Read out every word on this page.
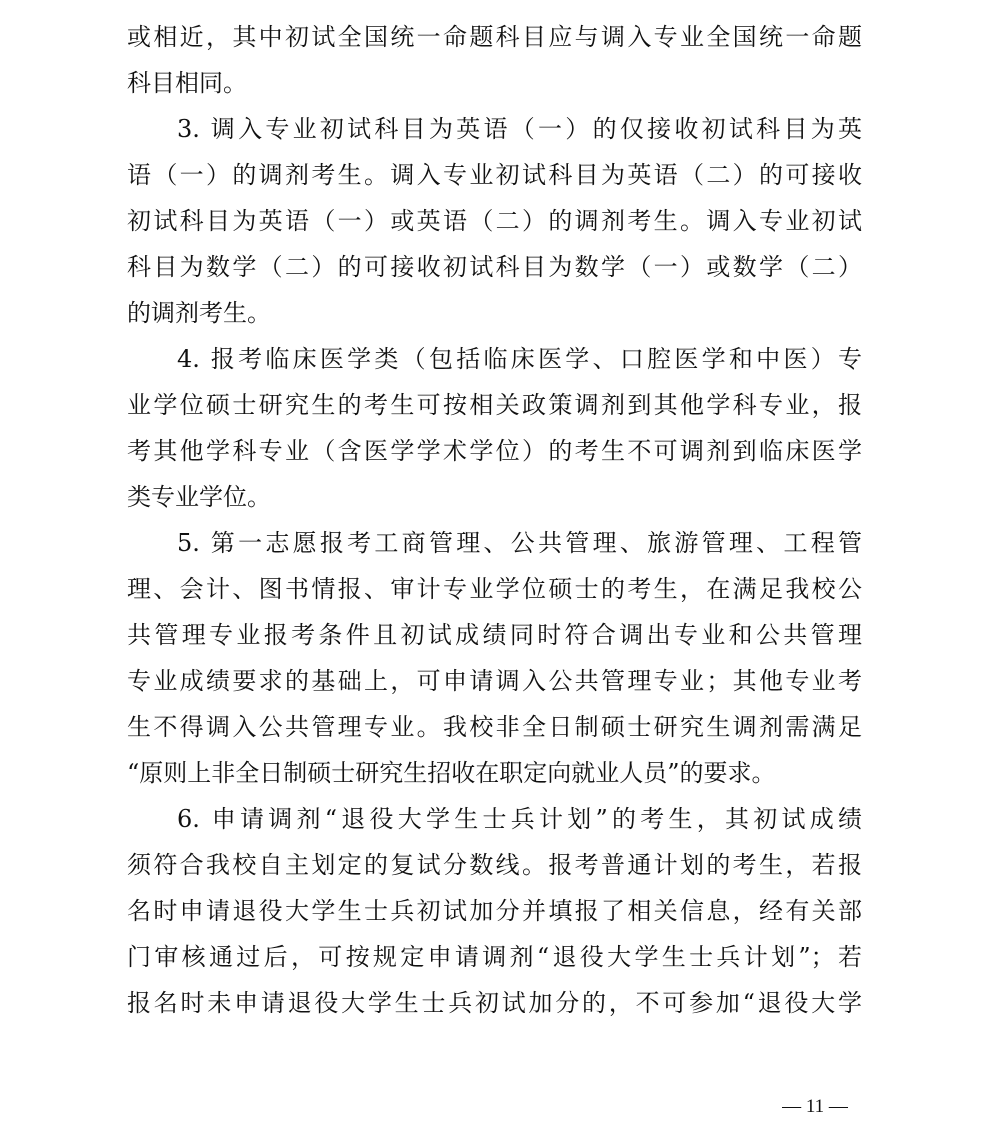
或相近，其中初试全国统一命题科目应与调入专业全国统一命题
科目相同。
3. 调入专业初试科目为英语（一）的仅接收初试科目为英
语（一）的调剂考生。调入专业初试科目为英语（二）的可接收
初试科目为英语（一）或英语（二）的调剂考生。调入专业初试
科目为数学（二）的可接收初试科目为数学（一）或数学（二）
的调剂考生。
4. 报考临床医学类（包括临床医学、口腔医学和中医）专
业学位硕士研究生的考生可按相关政策调剂到其他学科专业，报
考其他学科专业（含医学学术学位）的考生不可调剂到临床医学
类专业学位。
5. 第一志愿报考工商管理、公共管理、旅游管理、工程管
理、会计、图书情报、审计专业学位硕士的考生，在满足我校公
共管理专业报考条件且初试成绩同时符合调出专业和公共管理
专业成绩要求的基础上，可申请调入公共管理专业；其他专业考
生不得调入公共管理专业。我校非全日制硕士研究生调剂需满足
“原则上非全日制硕士研究生招收在职定向就业人员”的要求。
6. 申请调剂“退役大学生士兵计划”的考生，其初试成绩
须符合我校自主划定的复试分数线。报考普通计划的考生，若报
名时申请退役大学生士兵初试加分并填报了相关信息，经有关部
门审核通过后，可按规定申请调剂“退役大学生士兵计划”；若
报名时未申请退役大学生士兵初试加分的，不可参加“退役大学
— 11 —
